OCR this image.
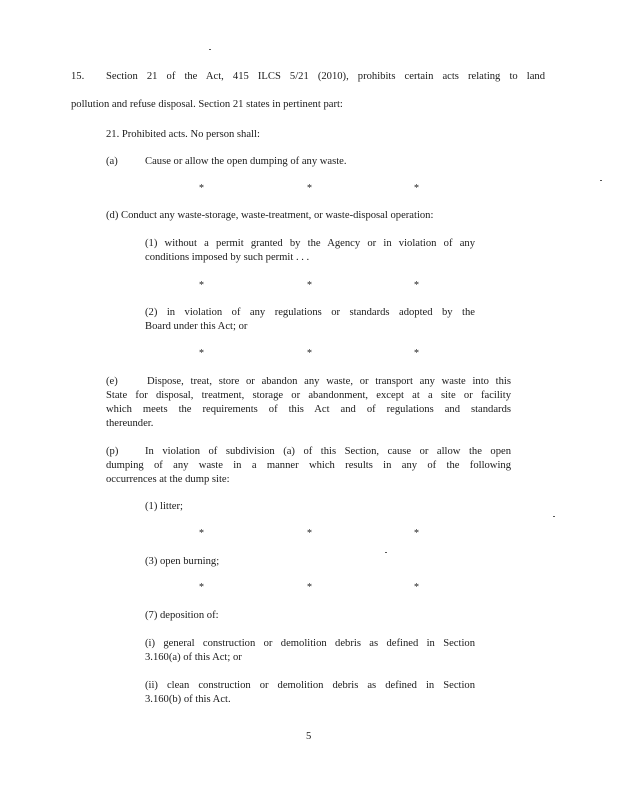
15. Section 21 of the Act, 415 ILCS 5/21 (2010), prohibits certain acts relating to land
pollution and refuse disposal. Section 21 states in pertinent part:
21. Prohibited acts. No person shall:
(a)	Cause or allow the open dumping of any waste.
*	*	*
(d) Conduct any waste-storage, waste-treatment, or waste-disposal operation:
(1) without a permit granted by the Agency or in violation of any
conditions imposed by such permit . . .
*	*	*
(2) in violation of any regulations or standards adopted by the
Board under this Act; or
*	*	*
(e)	Dispose, treat, store or abandon any waste, or transport any waste into this
State for disposal, treatment, storage or abandonment, except at a site or facility
which meets the requirements of this Act and of regulations and standards
thereunder.
(p)	In violation of subdivision (a) of this Section, cause or allow the open
dumping of any waste in a manner which results in any of the following
occurrences at the dump site:
(1) litter;
*	*	*
(3) open burning;
*	*	*
(7) deposition of:
(i) general construction or demolition debris as defined in Section
3.160(a) of this Act; or
(ii) clean construction or demolition debris as defined in Section
3.160(b) of this Act.
5
